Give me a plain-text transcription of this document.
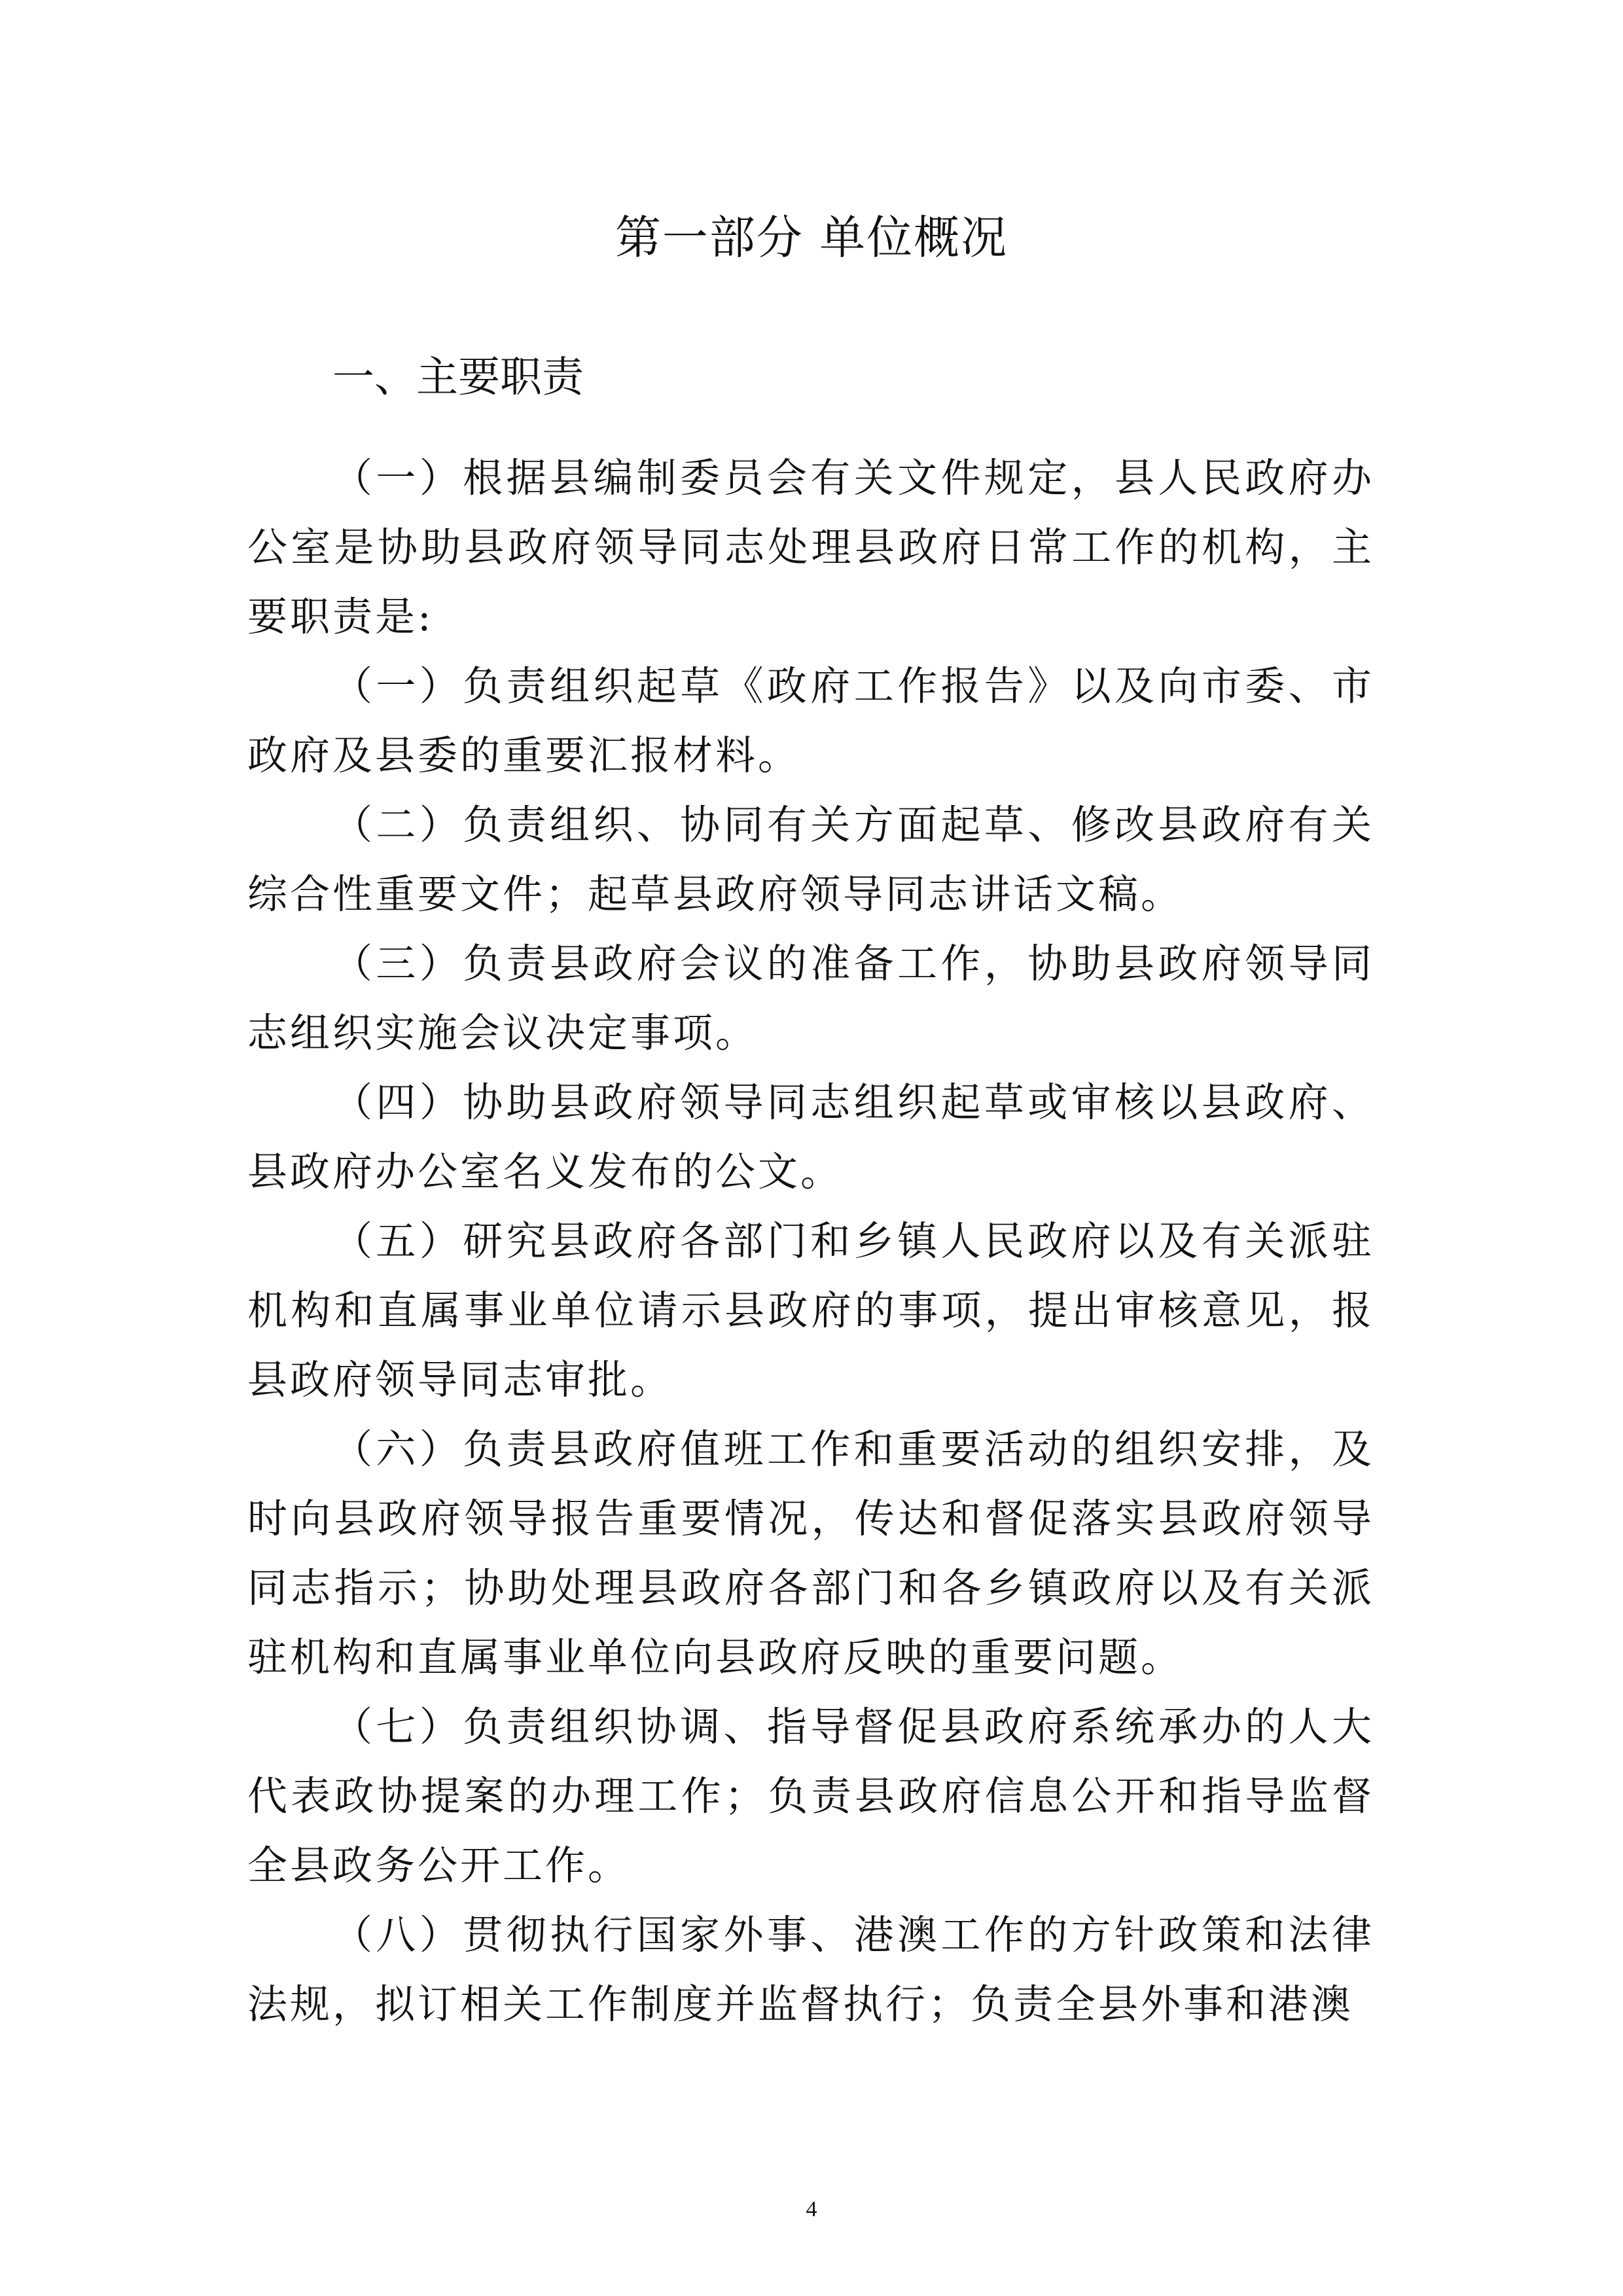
第一部分 单位概况
一、主要职责

（一）根据县编制委员会有关文件规定，县人民政府办公室是协助县政府领导同志处理县政府日常工作的机构，主要职责是:

（一）负责组织起草《政府工作报告》以及向市委、市政府及县委的重要汇报材料。

（二）负责组织、协同有关方面起草、修改县政府有关综合性重要文件；起草县政府领导同志讲话文稿。

（三）负责县政府会议的准备工作，协助县政府领导同志组织实施会议决定事项。

（四）协助县政府领导同志组织起草或审核以县政府、县政府办公室名义发布的公文。

（五）研究县政府各部门和乡镇人民政府以及有关派驻机构和直属事业单位请示县政府的事项，提出审核意见，报县政府领导同志审批。

（六）负责县政府值班工作和重要活动的组织安排，及时向县政府领导报告重要情况，传达和督促落实县政府领导同志指示；协助处理县政府各部门和各乡镇政府以及有关派驻机构和直属事业单位向县政府反映的重要问题。

（七）负责组织协调、指导督促县政府系统承办的人大代表政协提案的办理工作；负责县政府信息公开和指导监督全县政务公开工作。

（八）贯彻执行国家外事、港澳工作的方针政策和法律法规，拟订相关工作制度并监督执行；负责全县外事和港澳

4
